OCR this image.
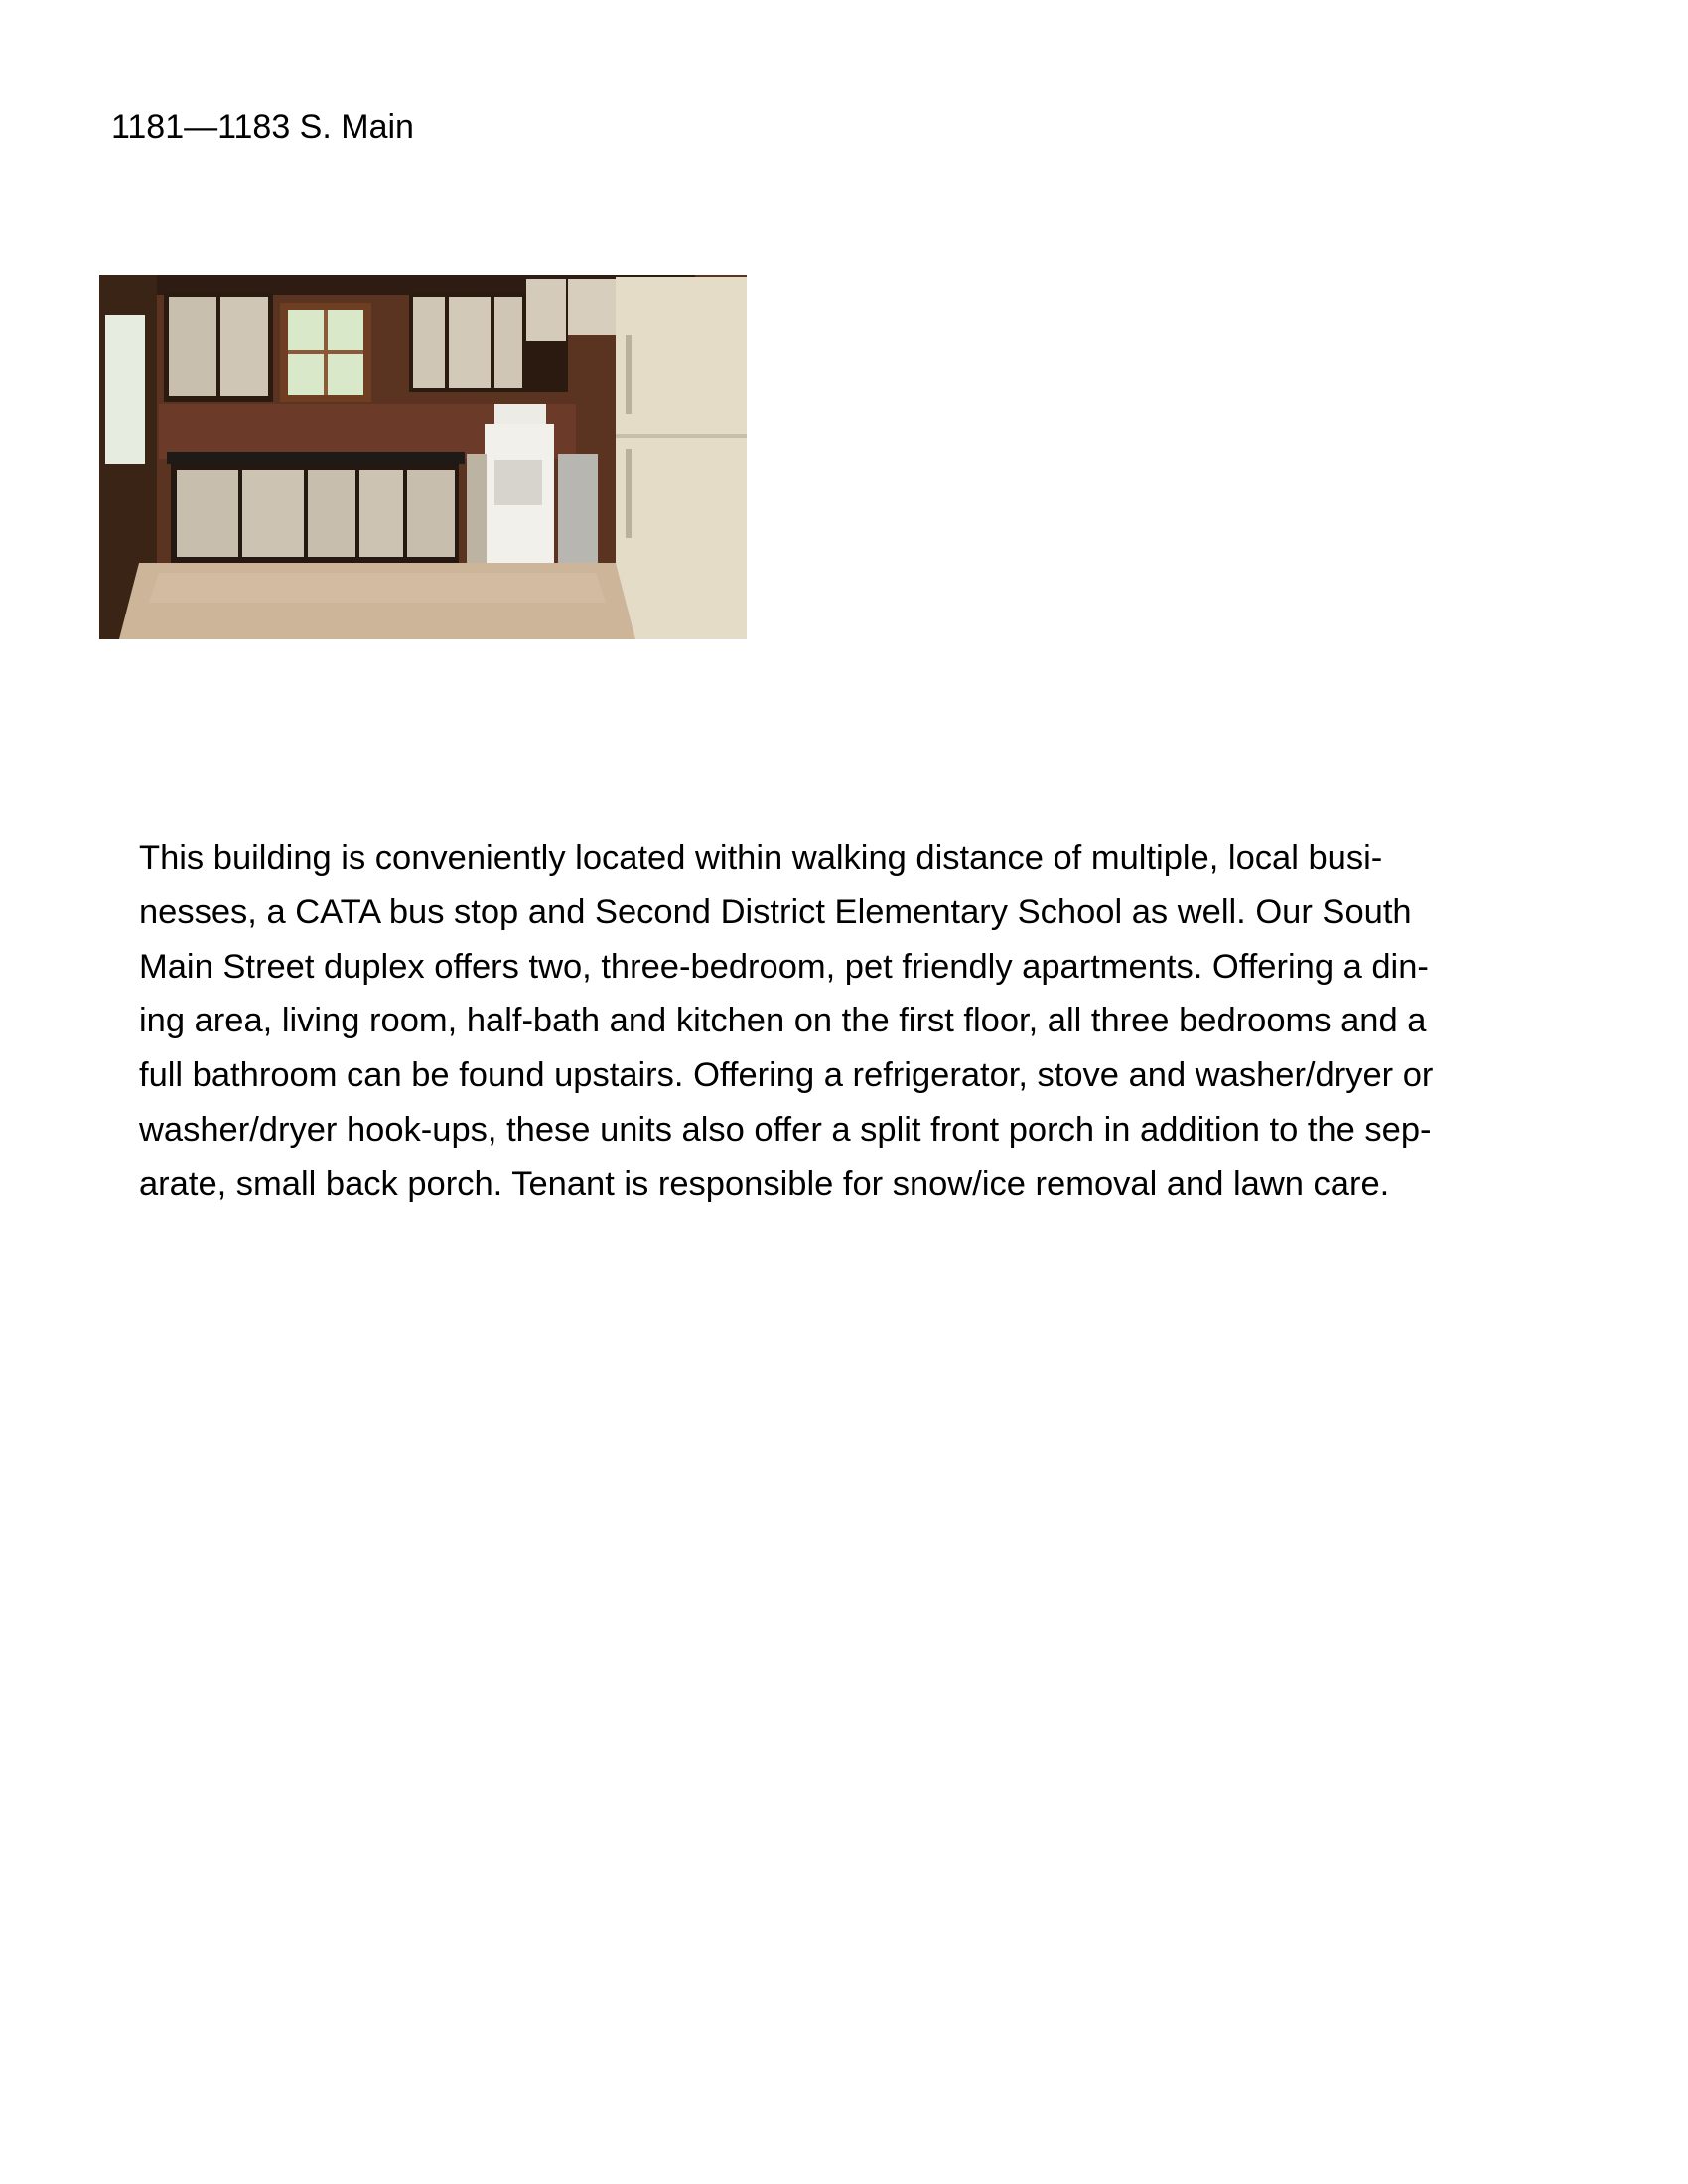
1181—1183 S. Main
This building is conveniently located within walking distance of multiple, local busi-
nesses, a CATA bus stop and Second District Elementary School as well. Our South
Main Street duplex offers two, three-bedroom, pet friendly apartments. Offering a din-
ing area, living room, half-bath and kitchen on the first floor, all three bedrooms and a
full bathroom can be found upstairs. Offering a refrigerator, stove and washer/dryer or
washer/dryer hook-ups, these units also offer a split front porch in addition to the sep-
arate, small back porch. Tenant is responsible for snow/ice removal and lawn care.
